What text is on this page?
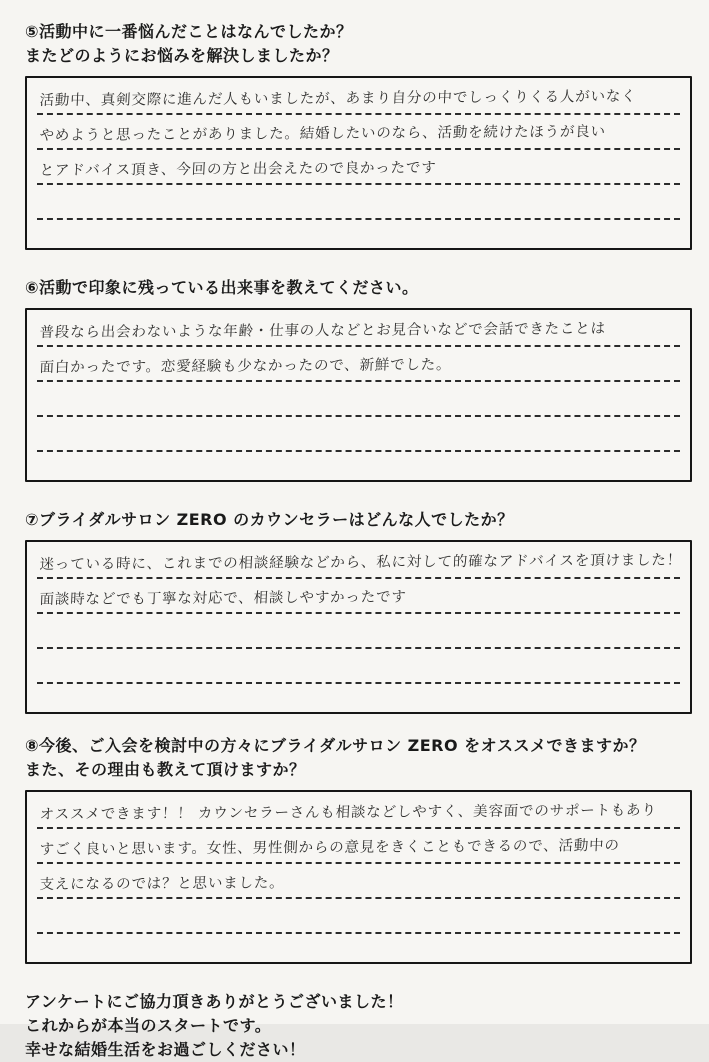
⑤活動中に一番悩んだことはなんでしたか？
またどのようにお悩みを解決しましたか？
活動中、真剣交際に進んだ人もいましたが、あまり自分の中でしっくりくる人がいなく
やめようと思ったことがありました。結婚したいのなら、活動を続けたほうが良い
とアドバイス頂き、今回の方と出会えたので良かったです
⑥活動で印象に残っている出来事を教えてください。
普段なら出会わないような年齢・仕事の人などとお見合いなどで会話できたことは
面白かったです。恋愛経験も少なかったので、新鮮でした。
⑦ブライダルサロン ZERO のカウンセラーはどんな人でしたか？
迷っている時に、これまでの相談経験などから、私に対して的確なアドバイスを頂けました！
面談時などでも丁寧な対応で、相談しやすかったです
⑧今後、ご入会を検討中の方々にブライダルサロン ZERO をオススメできますか？
また、その理由も教えて頂けますか？
オススメできます！！ カウンセラーさんも相談などしやすく、美容面でのサポートもあり
すごく良いと思います。女性、男性側からの意見をきくこともできるので、活動中の
支えになるのでは？と思いました。
アンケートにご協力頂きありがとうございました！
これからが本当のスタートです。
幸せな結婚生活をお過ごしください！
